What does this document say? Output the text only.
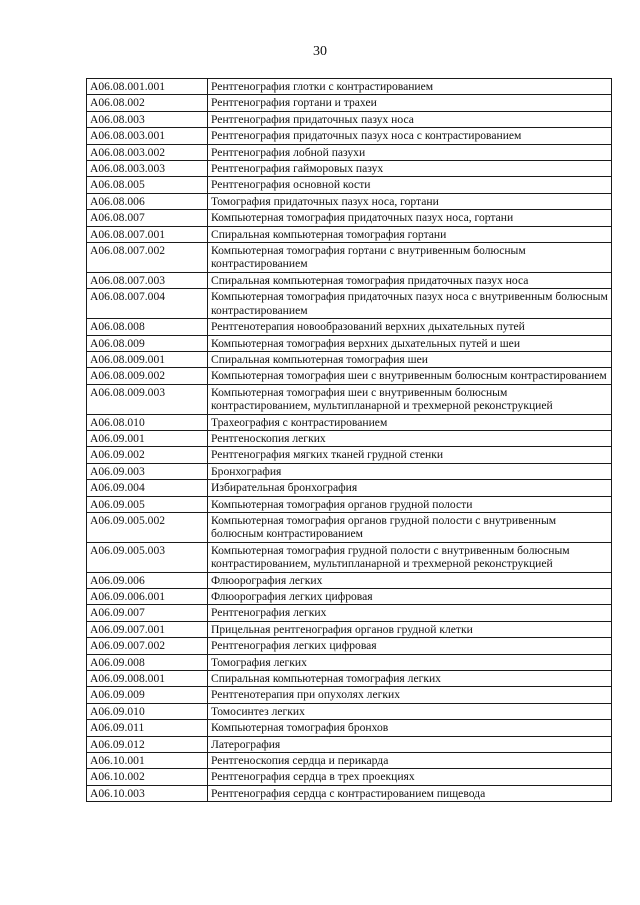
30
A06.08.001.001	Рентгенография глотки с контрастированием
A06.08.002	Рентгенография гортани и трахеи
A06.08.003	Рентгенография придаточных пазух носа
A06.08.003.001	Рентгенография придаточных пазух носа с контрастированием
A06.08.003.002	Рентгенография лобной пазухи
A06.08.003.003	Рентгенография гайморовых пазух
A06.08.005	Рентгенография основной кости
A06.08.006	Томография придаточных пазух носа, гортани
A06.08.007	Компьютерная томография придаточных пазух носа, гортани
A06.08.007.001	Спиральная компьютерная томография гортани
A06.08.007.002	Компьютерная томография гортани с внутривенным болюсным контрастированием
A06.08.007.003	Спиральная компьютерная томография придаточных пазух носа
A06.08.007.004	Компьютерная томография придаточных пазух носа с внутривенным болюсным контрастированием
A06.08.008	Рентгенотерапия новообразований верхних дыхательных путей
A06.08.009	Компьютерная томография верхних дыхательных путей и шеи
A06.08.009.001	Спиральная компьютерная томография шеи
A06.08.009.002	Компьютерная томография шеи с внутривенным болюсным контрастированием
A06.08.009.003	Компьютерная томография шеи с внутривенным болюсным контрастированием, мультипланарной и трехмерной реконструкцией
A06.08.010	Трахеография с контрастированием
A06.09.001	Рентгеноскопия легких
A06.09.002	Рентгенография мягких тканей грудной стенки
A06.09.003	Бронхография
A06.09.004	Избирательная бронхография
A06.09.005	Компьютерная томография органов грудной полости
A06.09.005.002	Компьютерная томография органов грудной полости с внутривенным болюсным контрастированием
A06.09.005.003	Компьютерная томография грудной полости с внутривенным болюсным контрастированием, мультипланарной и трехмерной реконструкцией
A06.09.006	Флюорография легких
A06.09.006.001	Флюорография легких цифровая
A06.09.007	Рентгенография легких
A06.09.007.001	Прицельная рентгенография органов грудной клетки
A06.09.007.002	Рентгенография легких цифровая
A06.09.008	Томография легких
A06.09.008.001	Спиральная компьютерная томография легких
A06.09.009	Рентгенотерапия при опухолях легких
A06.09.010	Томосинтез легких
A06.09.011	Компьютерная томография бронхов
A06.09.012	Латерография
A06.10.001	Рентгеноскопия сердца и перикарда
A06.10.002	Рентгенография сердца в трех проекциях
A06.10.003	Рентгенография сердца с контрастированием пищевода
